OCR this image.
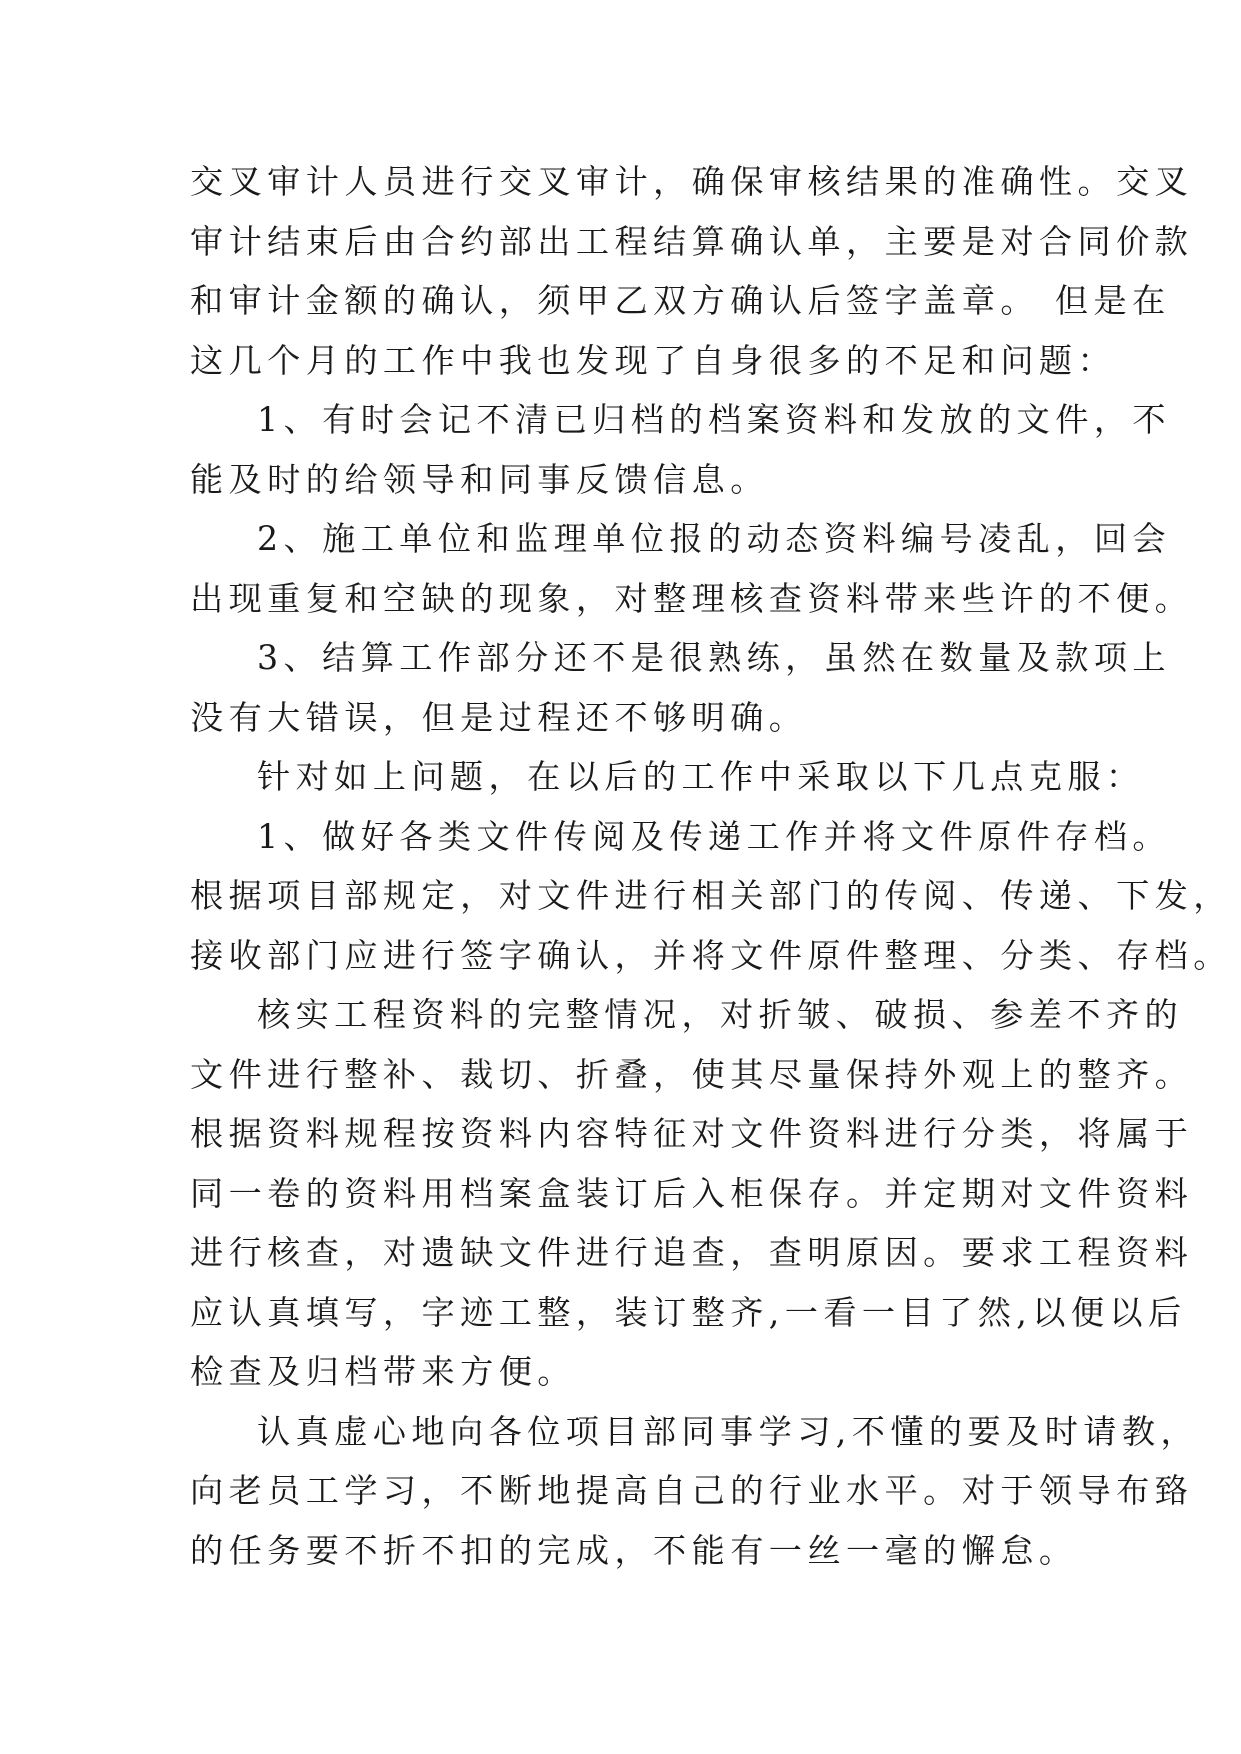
交叉审计人员进行交叉审计，确保审核结果的准确性。交叉
审计结束后由合约部出工程结算确认单，主要是对合同价款
和审计金额的确认，须甲乙双方确认后签字盖章。 但是在
这几个月的工作中我也发现了自身很多的不足和问题：
1、有时会记不清已归档的档案资料和发放的文件，不
能及时的给领导和同事反馈信息。
2、施工单位和监理单位报的动态资料编号凌乱，回会
出现重复和空缺的现象，对整理核查资料带来些许的不便。
3、结算工作部分还不是很熟练，虽然在数量及款项上
没有大错误，但是过程还不够明确。
针对如上问题，在以后的工作中采取以下几点克服：
1、做好各类文件传阅及传递工作并将文件原件存档。
根据项目部规定，对文件进行相关部门的传阅、传递、下发，
接收部门应进行签字确认，并将文件原件整理、分类、存档。
核实工程资料的完整情况，对折皱、破损、参差不齐的
文件进行整补、裁切、折叠，使其尽量保持外观上的整齐。
根据资料规程按资料内容特征对文件资料进行分类，将属于
同一卷的资料用档案盒装订后入柜保存。并定期对文件资料
进行核查，对遗缺文件进行追查，查明原因。要求工程资料
应认真填写，字迹工整，装订整齐,一看一目了然,以便以后
检查及归档带来方便。
认真虚心地向各位项目部同事学习,不懂的要及时请教，
向老员工学习，不断地提高自己的行业水平。对于领导布臵
的任务要不折不扣的完成，不能有一丝一毫的懈怠。
